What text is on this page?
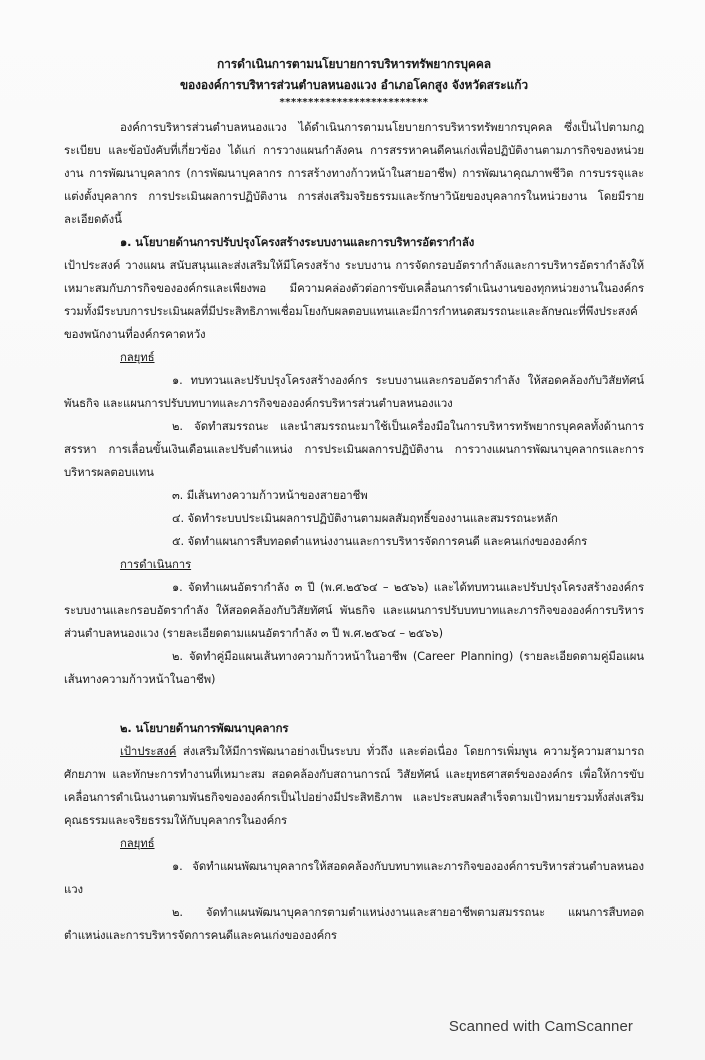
การดำเนินการตามนโยบายการบริหารทรัพยากรบุคคล
ขององค์การบริหารส่วนตำบลหนองแวง อำเภอโคกสูง จังหวัดสระแก้ว
**************************

องค์การบริหารส่วนตำบลหนองแวง ได้ดำเนินการตามนโยบายการบริหารทรัพยากรบุคคล ซึ่งเป็นไปตามกฎระเบียบ และข้อบังคับที่เกี่ยวข้อง ได้แก่ การวางแผนกำลังคน การสรรหาคนดีคนเก่งเพื่อปฏิบัติงานตามภารกิจของหน่วยงาน การพัฒนาบุคลากร (การพัฒนาบุคลากร การสร้างทางก้าวหน้าในสายอาชีพ) การพัฒนาคุณภาพชีวิต การบรรจุและแต่งตั้งบุคลากร การประเมินผลการปฏิบัติงาน การส่งเสริมจริยธรรมและรักษาวินัยของบุคลากรในหน่วยงาน โดยมีรายละเอียดดังนี้

๑. นโยบายด้านการปรับปรุงโครงสร้างระบบงานและการบริหารอัตรากำลัง

เป้าประสงค์ วางแผน สนับสนุนและส่งเสริมให้มีโครงสร้าง ระบบงาน การจัดกรอบอัตรากำลังและการบริหารอัตรากำลังให้เหมาะสมกับภารกิจขององค์กรและเพียงพอ มีความคล่องตัวต่อการขับเคลื่อนการดำเนินงานของทุกหน่วยงานในองค์กร รวมทั้งมีระบบการประเมินผลที่มีประสิทธิภาพเชื่อมโยงกับผลตอบแทนและมีการกำหนดสมรรถนะและลักษณะที่พึงประสงค์ของพนักงานที่องค์กรคาดหวัง

กลยุทธ์

๑. ทบทวนและปรับปรุงโครงสร้างองค์กร ระบบงานและกรอบอัตรากำลัง ให้สอดคล้องกับวิสัยทัศน์ พันธกิจ และแผนการปรับบทบาทและภารกิจขององค์กรบริหารส่วนตำบลหนองแวง

๒. จัดทำสมรรถนะ และนำสมรรถนะมาใช้เป็นเครื่องมือในการบริหารทรัพยากรบุคคลทั้งด้านการสรรหา การเลื่อนขั้นเงินเดือนและปรับตำแหน่ง การประเมินผลการปฏิบัติงาน การวางแผนการพัฒนาบุคลากรและการบริหารผลตอบแทน

๓. มีเส้นทางความก้าวหน้าของสายอาชีพ
๔. จัดทำระบบประเมินผลการปฏิบัติงานตามผลสัมฤทธิ์ของงานและสมรรถนะหลัก
๕. จัดทำแผนการสืบทอดตำแหน่งงานและการบริหารจัดการคนดี และคนเก่งขององค์กร
การดำเนินการ

๑. จัดทำแผนอัตรากำลัง ๓ ปี (พ.ศ.๒๕๖๔ – ๒๕๖๖) และได้ทบทวนและปรับปรุงโครงสร้างองค์กร ระบบงานและกรอบอัตรากำลัง ให้สอดคล้องกับวิสัยทัศน์ พันธกิจ และแผนการปรับบทบาทและภารกิจขององค์การบริหารส่วนตำบลหนองแวง (รายละเอียดตามแผนอัตรากำลัง ๓ ปี พ.ศ.๒๕๖๔ – ๒๕๖๖)

๒. จัดทำคู่มือแผนเส้นทางความก้าวหน้าในอาชีพ (Career Planning) (รายละเอียดตามคู่มือแผนเส้นทางความก้าวหน้าในอาชีพ)

๒. นโยบายด้านการพัฒนาบุคลากร

เป้าประสงค์ ส่งเสริมให้มีการพัฒนาอย่างเป็นระบบ ทั่วถึง และต่อเนื่อง โดยการเพิ่มพูน ความรู้ความสามารถศักยภาพ และทักษะการทำงานที่เหมาะสม สอดคล้องกับสถานการณ์ วิสัยทัศน์ และยุทธศาสตร์ขององค์กร เพื่อให้การขับเคลื่อนการดำเนินงานตามพันธกิจขององค์กรเป็นไปอย่างมีประสิทธิภาพ และประสบผลสำเร็จตามเป้าหมายรวมทั้งส่งเสริมคุณธรรมและจริยธรรมให้กับบุคลากรในองค์กร

กลยุทธ์

๑. จัดทำแผนพัฒนาบุคลากรให้สอดคล้องกับบทบาทและภารกิจขององค์การบริหารส่วนตำบลหนองแวง

๒. จัดทำแผนพัฒนาบุคลากรตามตำแหน่งงานและสายอาชีพตามสมรรถนะ แผนการสืบทอดตำแหน่งและการบริหารจัดการคนดีและคนเก่งขององค์กร

Scanned with CamScanner
